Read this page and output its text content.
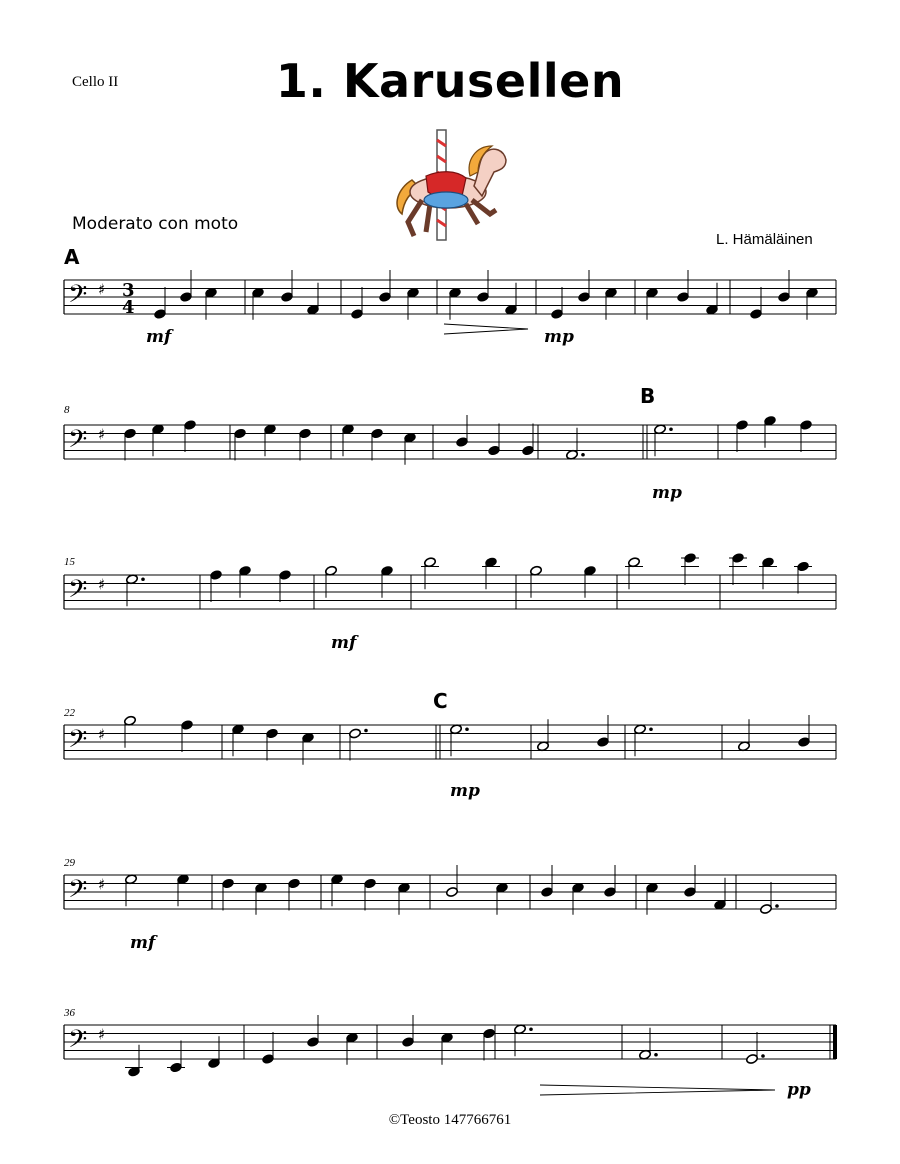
Cello II	1. Karusellen
Moderato con moto
L. Hämäläinen
𝄢 ♯ 3
4
𝄢 ♯
𝄢 ♯
𝄢 ♯
𝄢 ♯
𝄢 ♯
A
B
C
8
15
22
29
36
mf	mp
mp
mf
mp
mf
pp
©Teosto 147766761
